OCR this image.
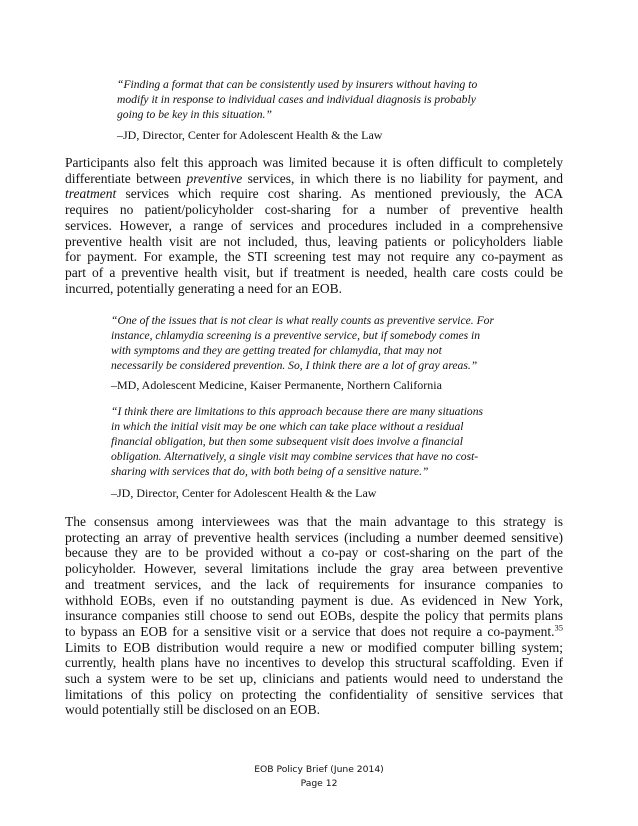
“Finding a format that can be consistently used by insurers without having to
modify it in response to individual cases and individual diagnosis is probably
going to be key in this situation.”

–JD, Director, Center for Adolescent Health & the Law

Participants also felt this approach was limited because it is often difficult to completely
differentiate between preventive services, in which there is no liability for payment, and
treatment services which require cost sharing. As mentioned previously, the ACA
requires no patient/policyholder cost-sharing for a number of preventive health
services. However, a range of services and procedures included in a comprehensive
preventive health visit are not included, thus, leaving patients or policyholders liable
for payment. For example, the STI screening test may not require any co-payment as
part of a preventive health visit, but if treatment is needed, health care costs could be
incurred, potentially generating a need for an EOB.
“One of the issues that is not clear is what really counts as preventive service. For
instance, chlamydia screening is a preventive service, but if somebody comes in
with symptoms and they are getting treated for chlamydia, that may not
necessarily be considered prevention. So, I think there are a lot of gray areas.”

–MD, Adolescent Medicine, Kaiser Permanente, Northern California

“I think there are limitations to this approach because there are many situations
in which the initial visit may be one which can take place without a residual
financial obligation, but then some subsequent visit does involve a financial
obligation. Alternatively, a single visit may combine services that have no cost-
sharing with services that do, with both being of a sensitive nature.”

–JD, Director, Center for Adolescent Health & the Law

The consensus among interviewees was that the main advantage to this strategy is
protecting an array of preventive health services (including a number deemed sensitive)
because they are to be provided without a co-pay or cost-sharing on the part of the
policyholder. However, several limitations include the gray area between preventive
and treatment services, and the lack of requirements for insurance companies to
withhold EOBs, even if no outstanding payment is due. As evidenced in New York,
insurance companies still choose to send out EOBs, despite the policy that permits plans
to bypass an EOB for a sensitive visit or a service that does not require a co-payment.$^{35}$
Limits to EOB distribution would require a new or modified computer billing system;
currently, health plans have no incentives to develop this structural scaffolding. Even if
such a system were to be set up, clinicians and patients would need to understand the
limitations of this policy on protecting the confidentiality of sensitive services that
would potentially still be disclosed on an EOB.
EOB Policy Brief (June 2014)
Page 12
